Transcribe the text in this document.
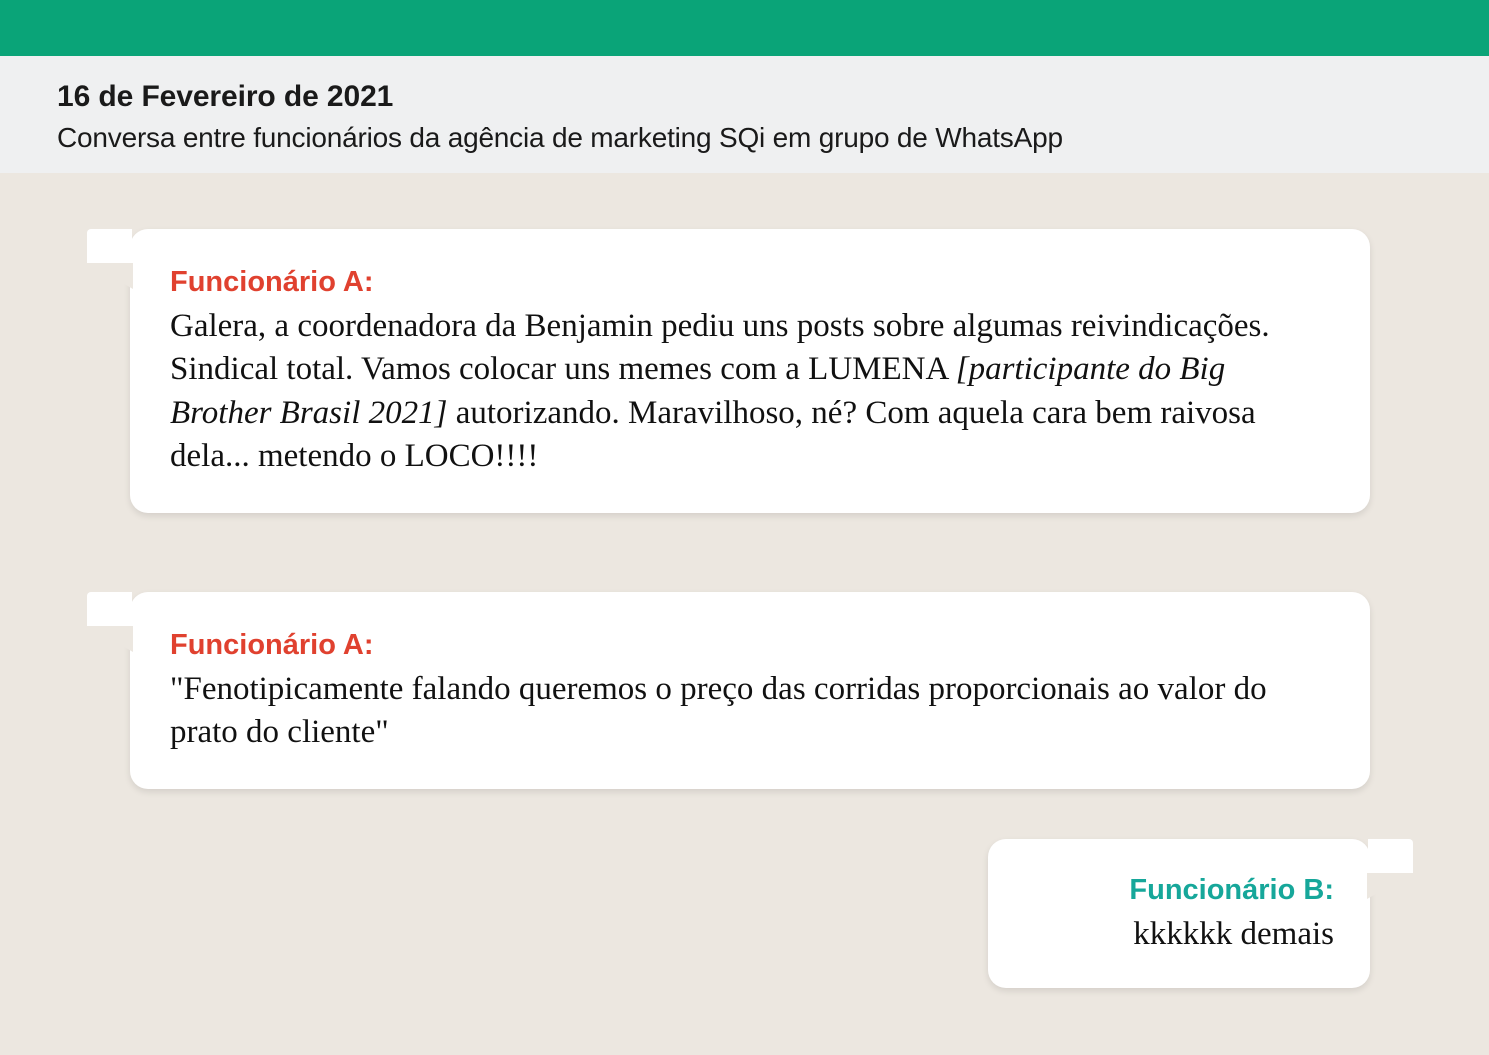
16 de Fevereiro de 2021
Conversa entre funcionários da agência de marketing SQi em grupo de WhatsApp
Funcionário A:
Galera, a coordenadora da Benjamin pediu uns posts sobre algumas reivindicações. Sindical total. Vamos colocar uns memes com a LUMENA [participante do Big Brother Brasil 2021] autorizando. Maravilhoso, né? Com aquela cara bem raivosa dela... metendo o LOCO!!!!
Funcionário A:
"Fenotipicamente falando queremos o preço das corridas proporcionais ao valor do prato do cliente"
Funcionário B:
kkkkkk demais
